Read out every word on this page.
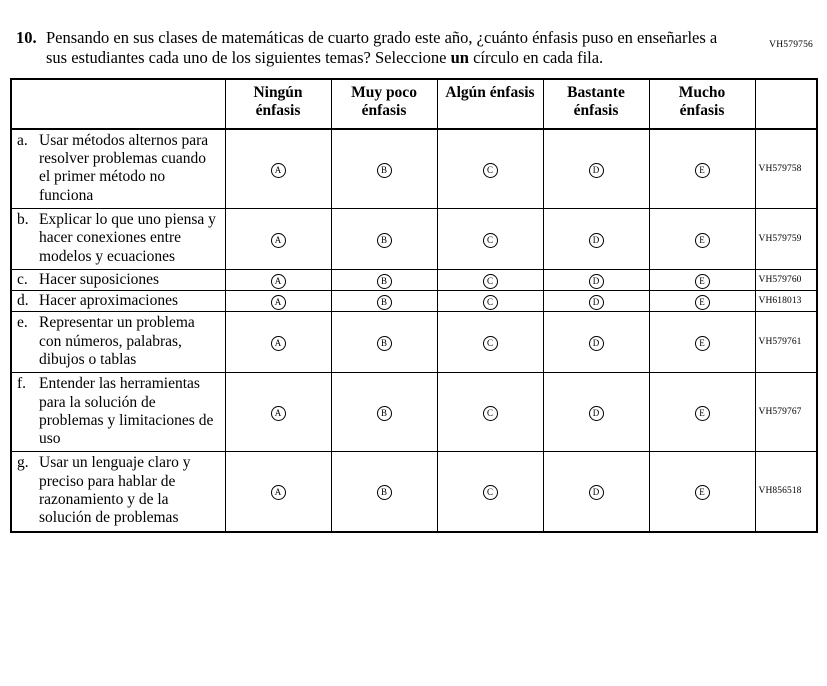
VH579756
10. Pensando en sus clases de matemáticas de cuarto grado este año, ¿cuánto énfasis puso en enseñarles a sus estudiantes cada uno de los siguientes temas? Seleccione un círculo en cada fila.
	Ningún énfasis	Muy poco énfasis	Algún énfasis	Bastante énfasis	Mucho énfasis	

a. Usar métodos alternos para resolver problemas cuando el primer método no funciona	A	B	C	D	E	VH579758

b. Explicar lo que uno piensa y hacer conexiones entre modelos y ecuaciones	A	B	C	D	E	VH579759

c. Hacer suposiciones	A	B	C	D	E	VH579760

d. Hacer aproximaciones	A	B	C	D	E	VH618013

e. Representar un problema con números, palabras, dibujos o tablas	A	B	C	D	E	VH579761

f. Entender las herramientas para la solución de problemas y limitaciones de uso	A	B	C	D	E	VH579767

g. Usar un lenguaje claro y preciso para hablar de razonamiento y de la solución de problemas	A	B	C	D	E	VH856518
